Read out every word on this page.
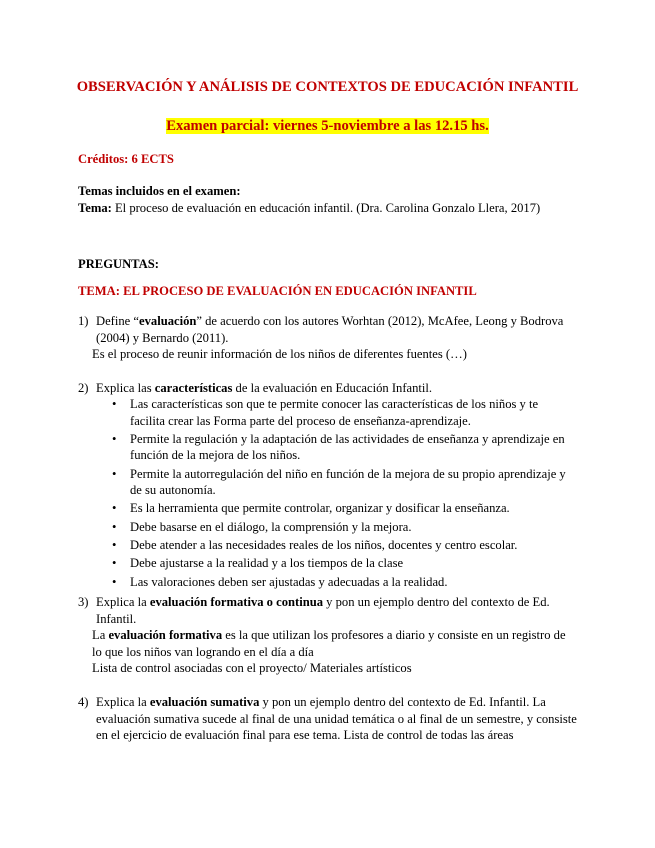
OBSERVACIÓN Y ANÁLISIS DE CONTEXTOS DE EDUCACIÓN INFANTIL
Examen parcial: viernes 5-noviembre a las 12.15 hs.
Créditos: 6 ECTS
Temas incluidos en el examen:
Tema: El proceso de evaluación en educación infantil. (Dra. Carolina Gonzalo Llera, 2017)
PREGUNTAS:
TEMA: EL PROCESO DE EVALUACIÓN EN EDUCACIÓN INFANTIL
1) Define “evaluación” de acuerdo con los autores Worhtan (2012), McAfee, Leong y Bodrova (2004) y Bernardo (2011).
Es el proceso de reunir información de los niños de diferentes fuentes (…)
2) Explica las características de la evaluación en Educación Infantil.
• Las características son que te permite conocer las características de los niños y te facilita crear las Forma parte del proceso de enseñanza-aprendizaje.
• Permite la regulación y la adaptación de las actividades de enseñanza y aprendizaje en función de la mejora de los niños.
• Permite la autorregulación del niño en función de la mejora de su propio aprendizaje y de su autonomía.
• Es la herramienta que permite controlar, organizar y dosificar la enseñanza.
• Debe basarse en el diálogo, la comprensión y la mejora.
• Debe atender a las necesidades reales de los niños, docentes y centro escolar.
• Debe ajustarse a la realidad y a los tiempos de la clase
• Las valoraciones deben ser ajustadas y adecuadas a la realidad.
3) Explica la evaluación formativa o continua y pon un ejemplo dentro del contexto de Ed. Infantil.
La evaluación formativa es la que utilizan los profesores a diario y consiste en un registro de lo que los niños van logrando en el día a día
Lista de control asociadas con el proyecto/ Materiales artísticos
4) Explica la evaluación sumativa y pon un ejemplo dentro del contexto de Ed. Infantil. La evaluación sumativa sucede al final de una unidad temática o al final de un semestre, y consiste en el ejercicio de evaluación final para ese tema. Lista de control de todas las áreas
